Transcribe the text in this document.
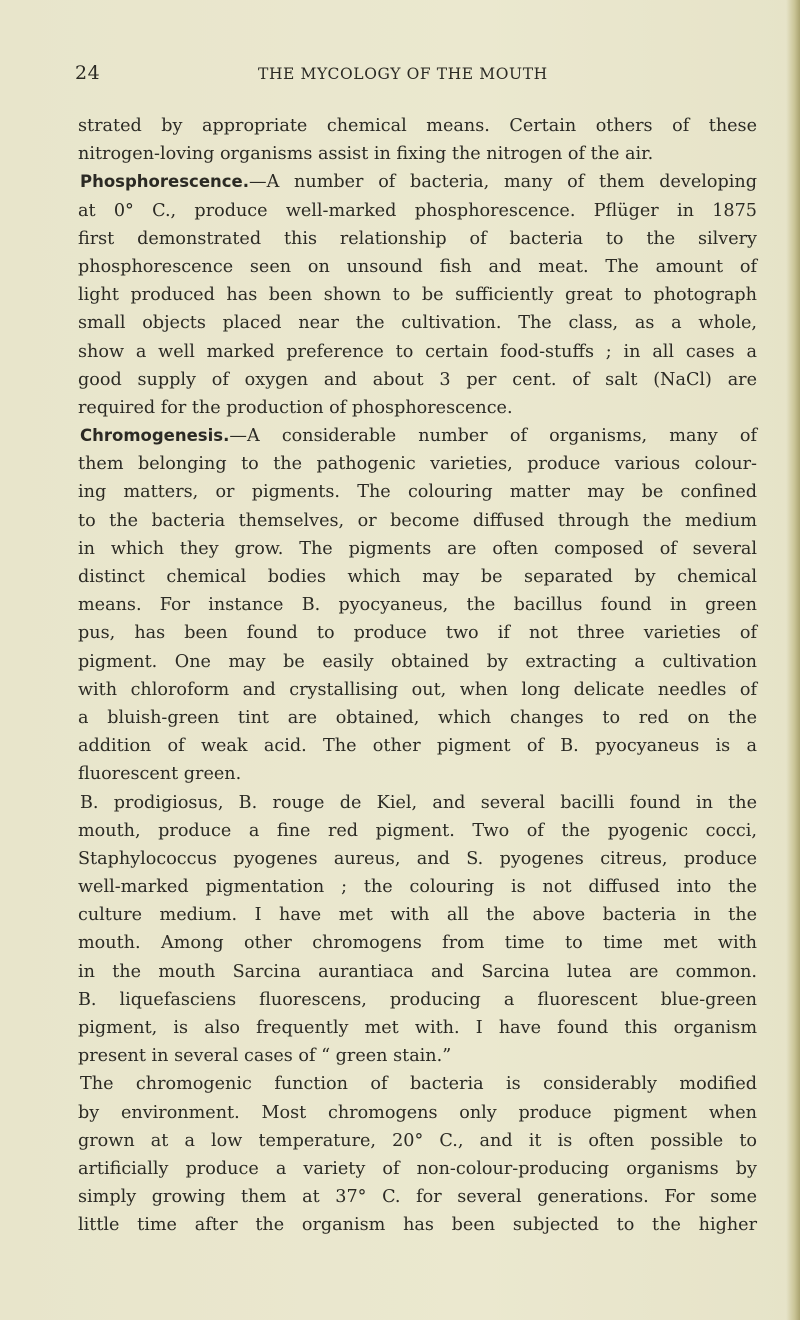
24	THE MYCOLOGY OF THE MOUTH
strated by appropriate chemical means. Certain others of these
nitrogen-loving organisms assist in fixing the nitrogen of the air.
Phosphorescence.—A number of bacteria, many of them developing
at 0° C., produce well-marked phosphorescence. Pflüger in 1875
first demonstrated this relationship of bacteria to the silvery
phosphorescence seen on unsound fish and meat. The amount of
light produced has been shown to be sufficiently great to photograph
small objects placed near the cultivation. The class, as a whole,
show a well marked preference to certain food-stuffs ; in all cases a
good supply of oxygen and about 3 per cent. of salt (NaCl) are
required for the production of phosphorescence.
Chromogenesis.—A considerable number of organisms, many of
them belonging to the pathogenic varieties, produce various colour-
ing matters, or pigments. The colouring matter may be confined
to the bacteria themselves, or become diffused through the medium
in which they grow. The pigments are often composed of several
distinct chemical bodies which may be separated by chemical
means. For instance B. pyocyaneus, the bacillus found in green
pus, has been found to produce two if not three varieties of
pigment. One may be easily obtained by extracting a cultivation
with chloroform and crystallising out, when long delicate needles of
a bluish-green tint are obtained, which changes to red on the
addition of weak acid. The other pigment of B. pyocyaneus is a
fluorescent green.
B. prodigiosus, B. rouge de Kiel, and several bacilli found in the
mouth, produce a fine red pigment. Two of the pyogenic cocci,
Staphylococcus pyogenes aureus, and S. pyogenes citreus, produce
well-marked pigmentation ; the colouring is not diffused into the
culture medium. I have met with all the above bacteria in the
mouth. Among other chromogens from time to time met with
in the mouth Sarcina aurantiaca and Sarcina lutea are common.
B. liquefasciens fluorescens, producing a fluorescent blue-green
pigment, is also frequently met with. I have found this organism
present in several cases of “ green stain.”
The chromogenic function of bacteria is considerably modified
by environment. Most chromogens only produce pigment when
grown at a low temperature, 20° C., and it is often possible to
artificially produce a variety of non-colour-producing organisms by
simply growing them at 37° C. for several generations. For some
little time after the organism has been subjected to the higher
